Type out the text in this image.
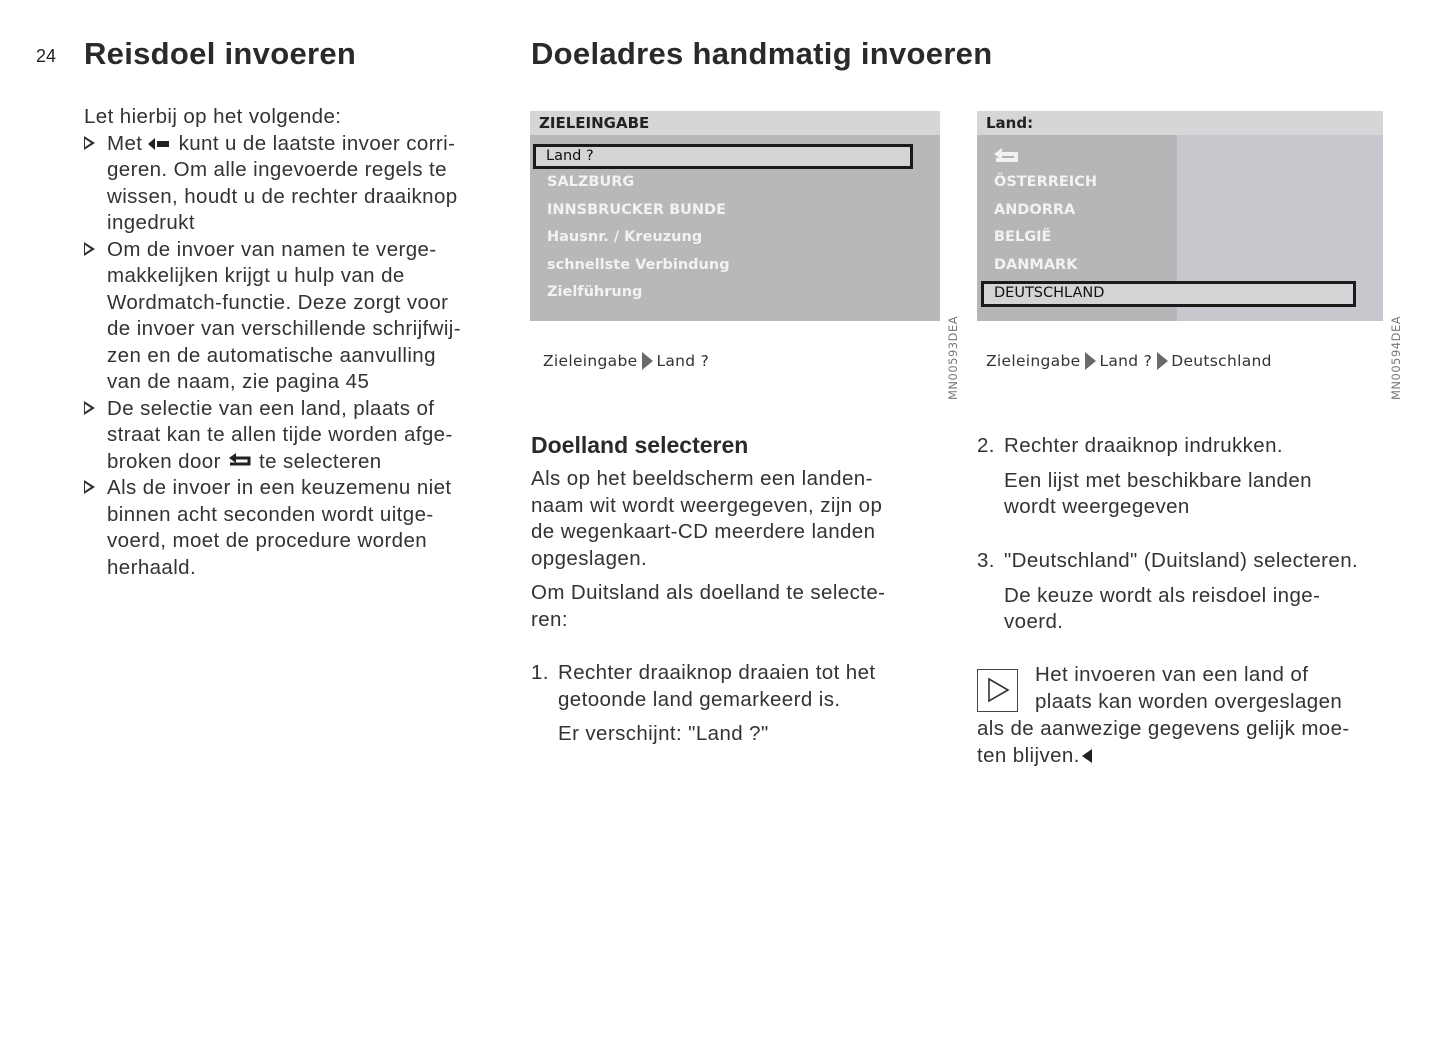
24 Reisdoel invoeren	Doeladres handmatig invoeren
Let hierbij op het volgende:
Met kunt u de laatste invoer corri-
geren. Om alle ingevoerde regels te
wissen, houdt u de rechter draaiknop
ingedrukt
Om de invoer van namen te verge-
makkelijken krijgt u hulp van de
Wordmatch-functie. Deze zorgt voor
de invoer van verschillende schrijfwij-
zen en de automatische aanvulling
van de naam, zie pagina 45
De selectie van een land, plaats of
straat kan te allen tijde worden afge-
broken door te selecteren
Als de invoer in een keuzemenu niet
binnen acht seconden wordt uitge-
voerd, moet de procedure worden
herhaald.
ZIELEINGABE
Land ?
SALZBURG
INNSBRUCKER BUNDE
Hausnr. / Kreuzung
schnellste Verbindung
Zielführung
Zieleingabe Land ?	MN00593DEA
Land:
ÖSTERREICH
ANDORRA
BELGIË
DANMARK
DEUTSCHLAND
Zieleingabe Land ? Deutschland	MN00594DEA
Doelland selecteren
Als op het beeldscherm een landen-
naam wit wordt weergegeven, zijn op
de wegenkaart-CD meerdere landen
opgeslagen.
Om Duitsland als doelland te selecte-
ren:
1. Rechter draaiknop draaien tot het
getoonde land gemarkeerd is.
Er verschijnt: "Land ?"
2. Rechter draaiknop indrukken.
Een lijst met beschikbare landen
wordt weergegeven
3. "Deutschland" (Duitsland) selecteren.
De keuze wordt als reisdoel inge-
voerd.
Het invoeren van een land of
plaats kan worden overgeslagen
als de aanwezige gegevens gelijk moe-
ten blijven.
